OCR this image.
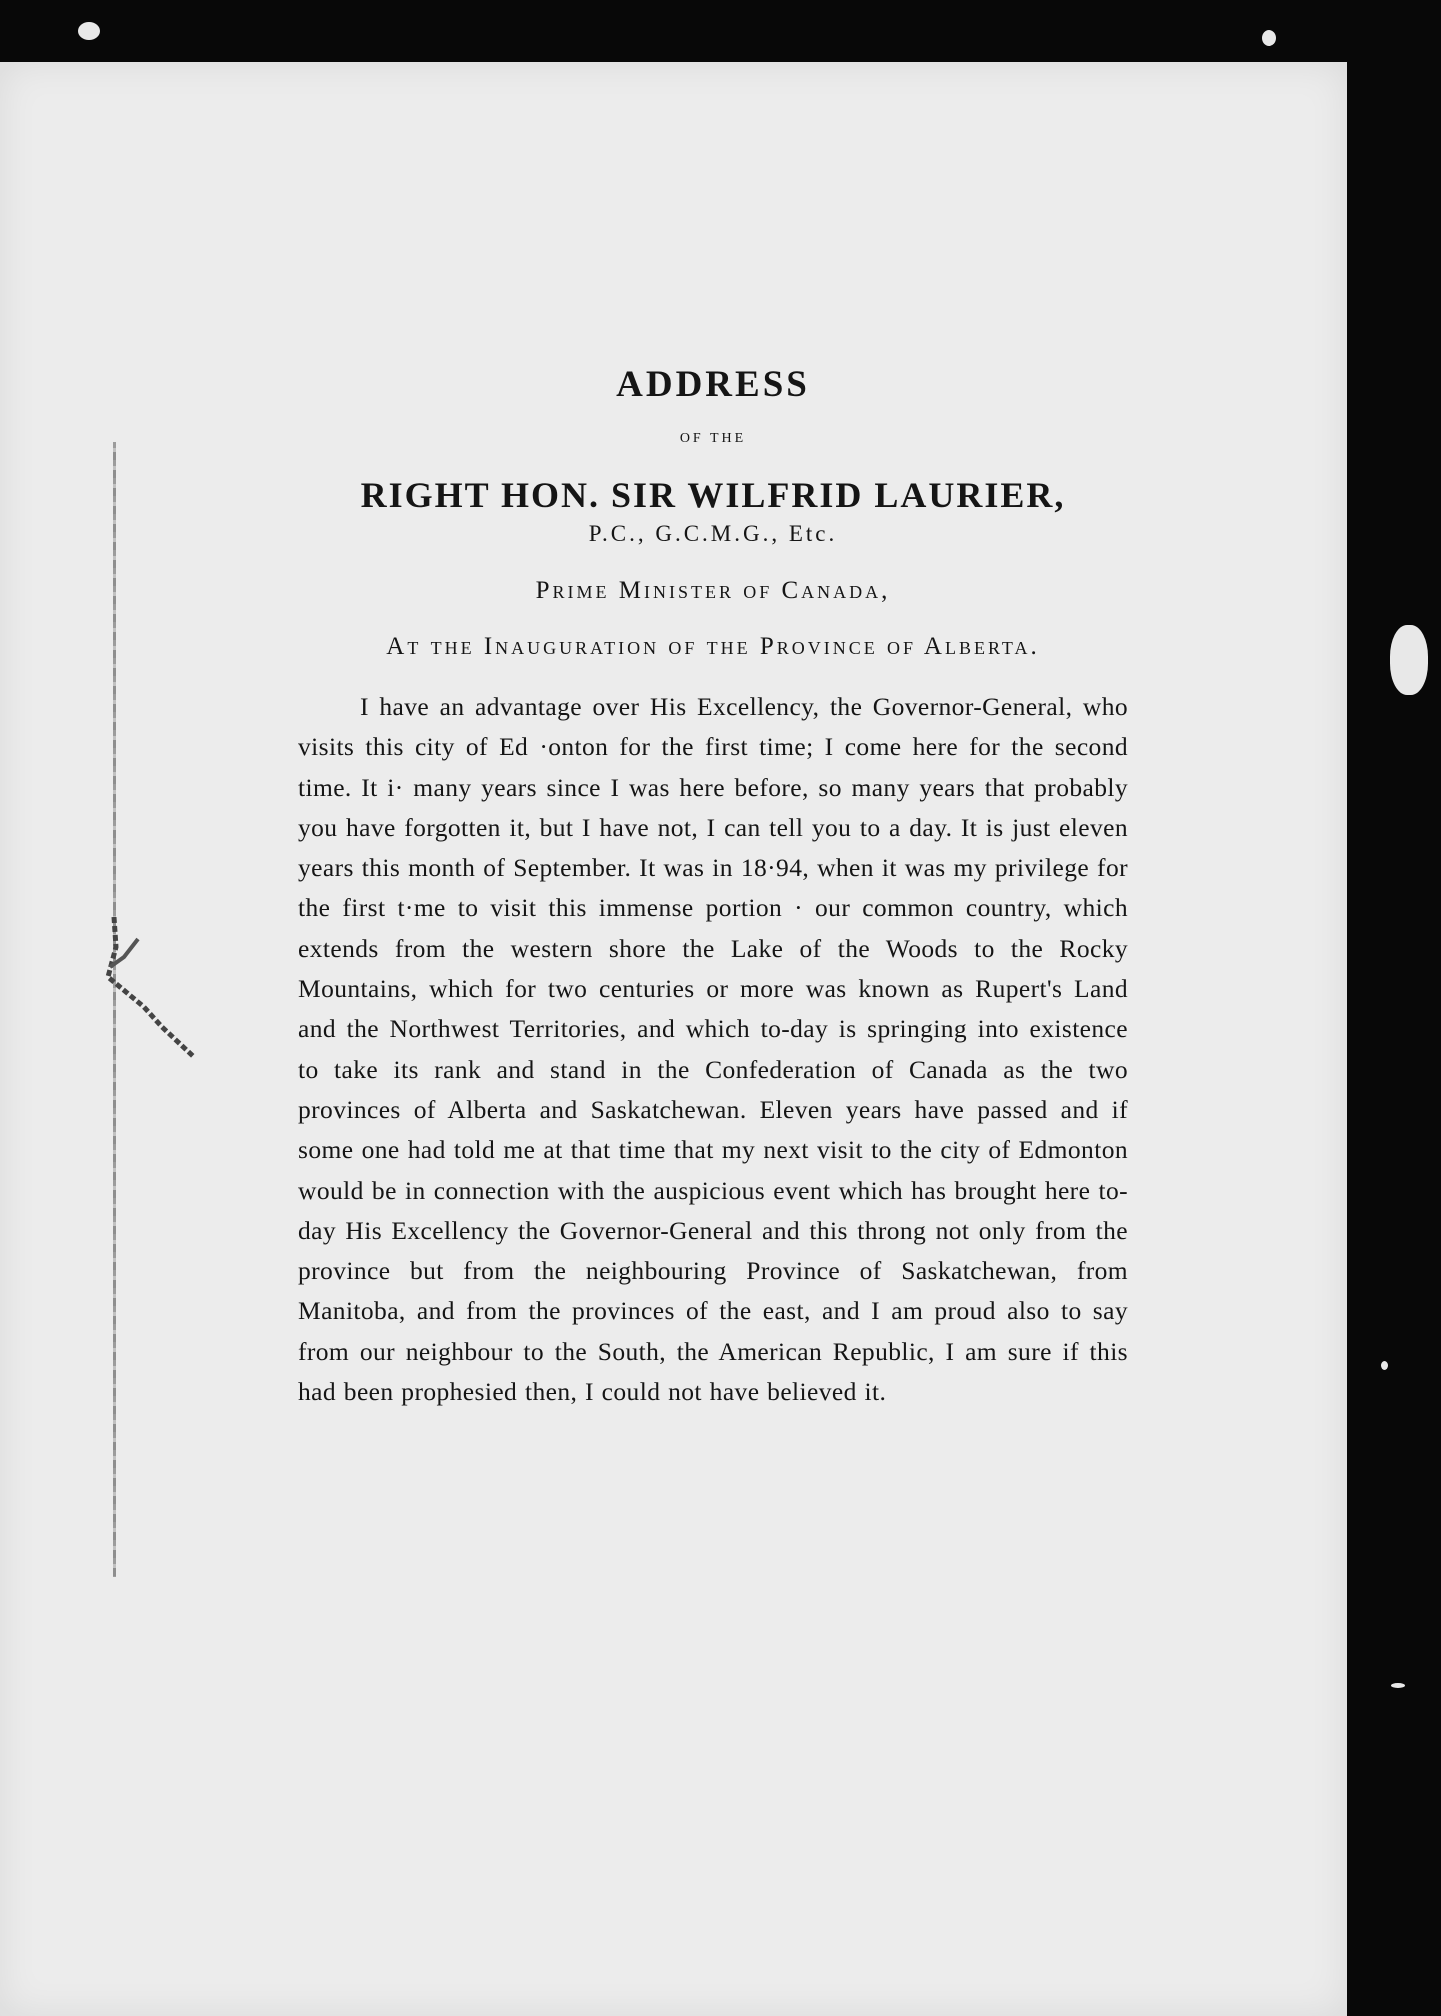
ADDRESS
OF THE
RIGHT HON. SIR WILFRID LAURIER,
P.C., G.C.M.G., Etc.
Prime Minister of Canada,
At the Inauguration of the Province of Alberta.

I have an advantage over His Excellency, the Governor-General, who visits this city of Ed ·onton for the first time; I come here for the second time. It i· many years since I was here before, so many years that probably you have forgotten it, but I have not, I can tell you to a day. It is just eleven years this month of September. It was in 18·94, when it was my privilege for the first t·me to visit this immense portion · our common country, which extends from the western shore the Lake of the Woods to the Rocky Mountains, which for two centuries or more was known as Rupert's Land and the Northwest Territories, and which to-day is springing into existence to take its rank and stand in the Confederation of Canada as the two provinces of Alberta and Saskatchewan. Eleven years have passed and if some one had told me at that time that my next visit to the city of Edmonton would be in connection with the auspicious event which has brought here to-day His Excellency the Governor-General and this throng not only from the province but from the neighbouring Province of Saskatchewan, from Manitoba, and from the provinces of the east, and I am proud also to say from our neighbour to the South, the American Republic, I am sure if this had been prophesied then, I could not have believed it.
